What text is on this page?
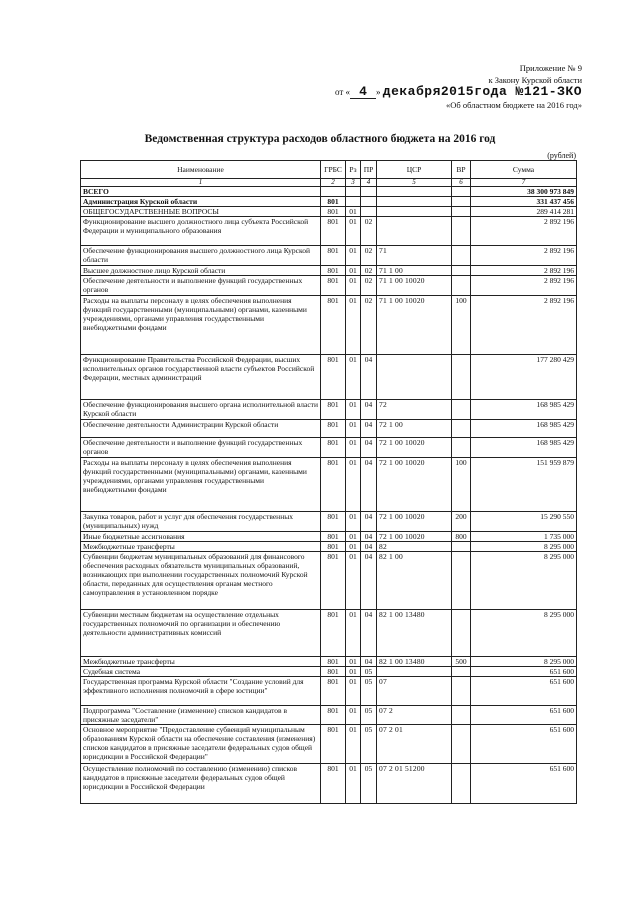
Приложение № 9
к Закону Курской области
от « 4 » декабря2015года №121-ЗКО
«Об областном бюджете на 2016 год»
Ведомственная структура расходов областного бюджета на 2016 год
(рублей)
Наименование	ГРБС	Рз	ПР	ЦСР	ВР	Сумма
1	2	3	4	5	6	7
ВСЕГО						38 300 973 849
Администрация Курской области	801					331 437 456
ОБЩЕГОСУДАРСТВЕННЫЕ ВОПРОСЫ	801	01				289 414 281
Функционирование высшего должностного лица субъекта Российской Федерации и муниципального образования	801	01	02			2 892 196
Обеспечение функционирования высшего должностного лица Курской области	801	01	02	71		2 892 196
Высшее должностное лицо Курской области	801	01	02	71 1 00		2 892 196
Обеспечение деятельности и выполнение функций государственных органов	801	01	02	71 1 00 10020		2 892 196
Расходы на выплаты персоналу в целях обеспечения выполнения функций государственными (муниципальными) органами, казенными учреждениями, органами управления государственными внебюджетными фондами	801	01	02	71 1 00 10020	100	2 892 196
Функционирование Правительства Российской Федерации, высших исполнительных органов государственной власти субъектов Российской Федерации, местных администраций	801	01	04			177 280 429
Обеспечение функционирования высшего органа исполнительной власти Курской области	801	01	04	72		168 985 429
Обеспечение деятельности Администрации Курской области	801	01	04	72 1 00		168 985 429
Обеспечение деятельности и выполнение функций государственных органов	801	01	04	72 1 00 10020		168 985 429
Расходы на выплаты персоналу в целях обеспечения выполнения функций государственными (муниципальными) органами, казенными учреждениями, органами управления государственными внебюджетными фондами	801	01	04	72 1 00 10020	100	151 959 879
Закупка товаров, работ и услуг для обеспечения государственных (муниципальных) нужд	801	01	04	72 1 00 10020	200	15 290 550
Иные бюджетные ассигнования	801	01	04	72 1 00 10020	800	1 735 000
Межбюджетные трансферты	801	01	04	82		8 295 000
Субвенции бюджетам муниципальных образований для финансового обеспечения расходных обязательств муниципальных образований, возникающих при выполнении государственных полномочий Курской области, переданных для осуществления органам местного самоуправления в установленном порядке	801	01	04	82 1 00		8 295 000
Субвенции местным бюджетам на осуществление отдельных государственных полномочий по организации и обеспечению деятельности административных комиссий	801	01	04	82 1 00 13480		8 295 000
Межбюджетные трансферты	801	01	04	82 1 00 13480	500	8 295 000
Судебная система	801	01	05			651 600
Государственная программа Курской области "Создание условий для эффективного исполнения полномочий в сфере юстиции"	801	01	05	07		651 600
Подпрограмма "Составление (изменение) списков кандидатов в присяжные заседатели"	801	01	05	07 2		651 600
Основное мероприятие "Предоставление субвенций муниципальным образованиям Курской области на обеспечение составления (изменения) списков кандидатов в присяжные заседатели федеральных судов общей юрисдикции в Российской Федерации"	801	01	05	07 2 01		651 600
Осуществление полномочий по составлению (изменению) списков кандидатов в присяжные заседатели федеральных судов общей юрисдикции в Российской Федерации	801	01	05	07 2 01 51200		651 600
